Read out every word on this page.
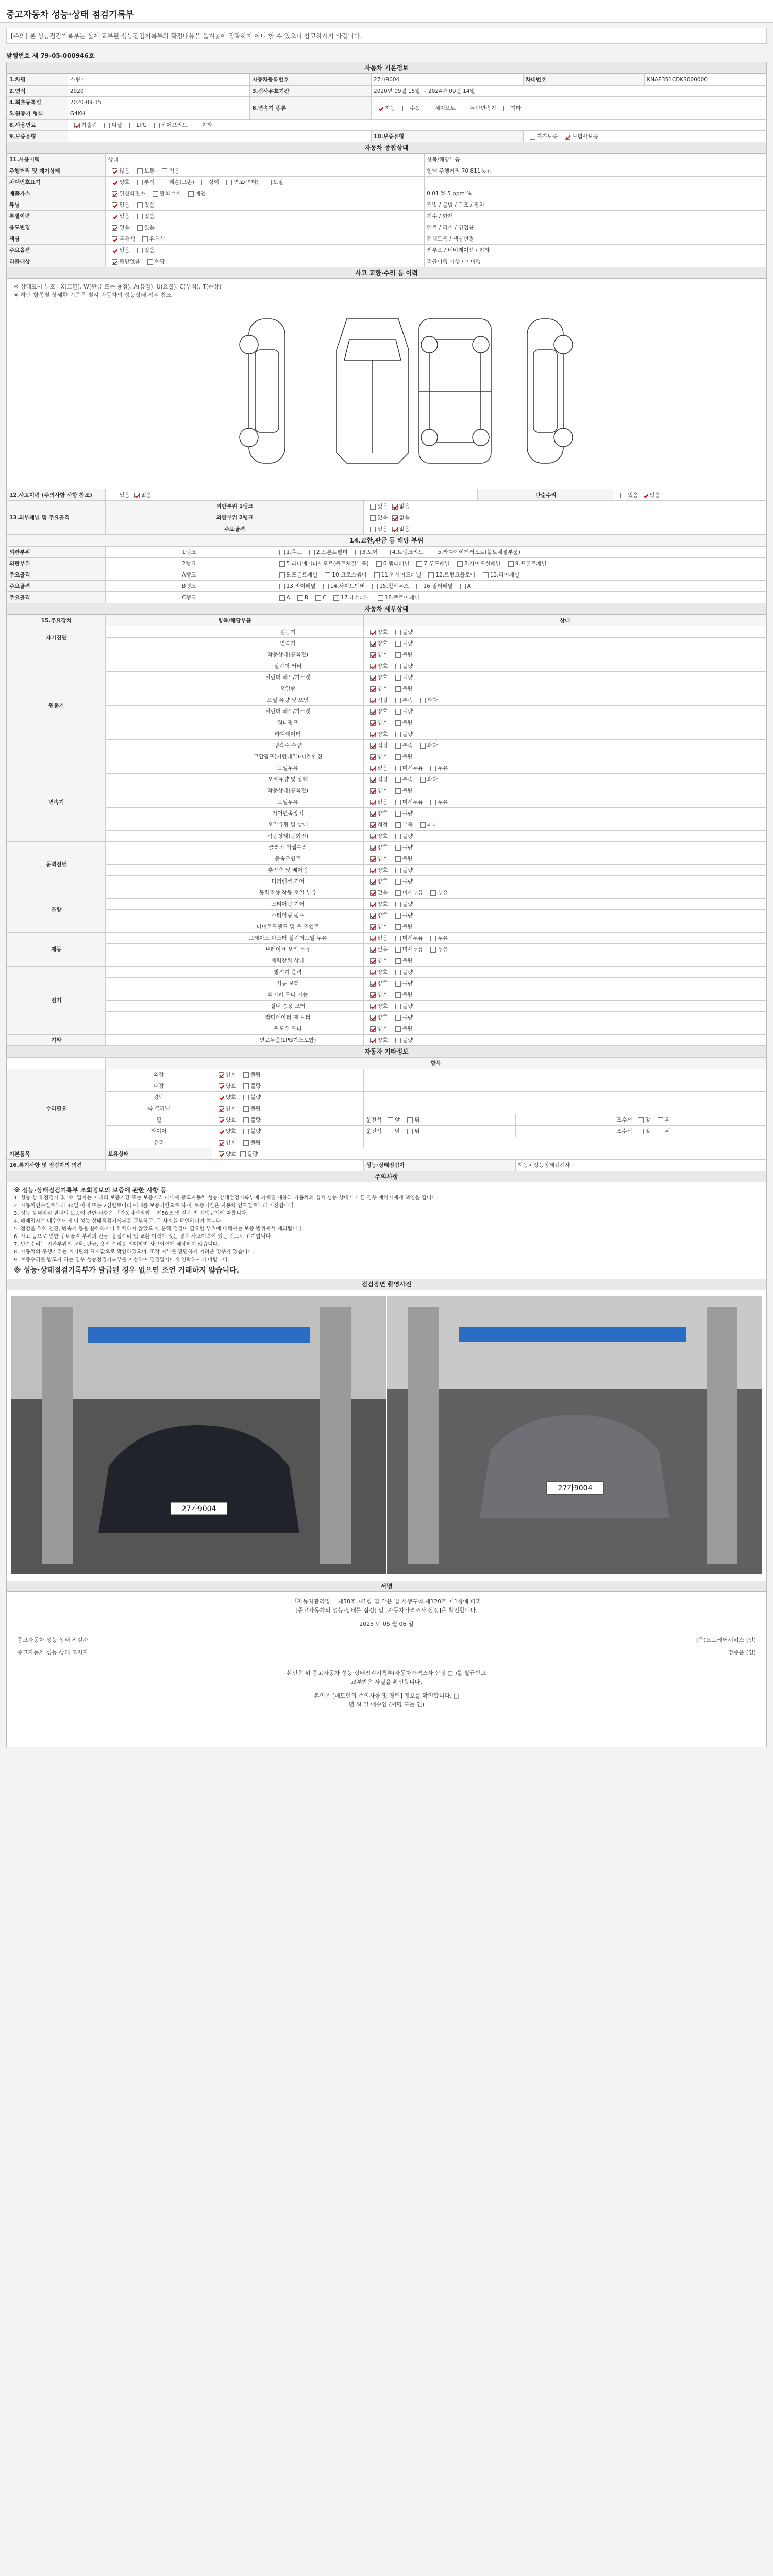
중고자동차 성능·상태 점검기록부
[주의] 본 성능점검기록부는 실제 교부된 성능점검기록부의 확정내용을 옮겨놓아 정확하지 아니 할 수 있으니 참고하시기 바랍니다.
발행번호 제 79-05-000946호
자동차 기본정보
1.차명	스팅어	자동차등록번호	27가9004	차대번호	KNAE351CDKS000000
2.연식	2020	3.검사유효기간	2020년 09월 15일 ~ 2024년 09월 14일		
4.최초등록일	2020-09-15	6.변속기 종류	자동 수동 세미오토 무단변속기 기타		
5.원동기 형식	G4KH				
8.사용연료	가솔린 디젤 LPG 하이브리드 기타				
9.보증유형			10.보증유형	자가보증 보험사보증	
자동차 종합상태
11.사용이력	상태	항목/해당부품
주행거리 및 계기상태	많음 보통 적음	현재 주행거리 70,811 km
차대번호표기	양호 부식 훼손(오손) 상이 변조(변타) 도말	
배출가스	일산화탄소 탄화수소 매연	0.01 % 5 ppm %
튜닝	없음 있음	적법 / 불법 / 구조 / 장치
특별이력	없음 있음	침수 / 화재
용도변경	없음 있음	렌트 / 리스 / 영업용
색상	무채색 유채색	전체도색 / 색상변경
주요옵션	없음 있음	썬루프 / 네비게이션 / 기타
리콜대상	해당없음 해당	리콜이행 이행 / 미이행
사고 교환·수리 등 이력
※ 상태표시 부호 : X(교환), W(판금 또는 용접), A(흠집), U(요철), C(부식), T(손상)
※ 하단 항목별 상세한 기준은 별지 자동차의 성능상태 점검 참조
12.사고이력 (주의사항 사항 참조)	있음 없음			단순수리	있음 없음
13.외부패널 및 주요골격	외판부위 1랭크		있음 없음		
	외판부위 2랭크		있음 없음		
	주요골격		있음 없음		
14.교환,판금 등 해당 부위
외판부위	1랭크	1.후드 2.프론트펜더 3.도어 4.트렁크리드 5.라디에이터서포트(볼트체결부품)
외판부위	2랭크	5.라디에이터서포트(볼트체결부품) 6.쿼터패널 7.루프패널 8.사이드실패널 9.프론트패널
주요골격	A랭크	9.프론트패널 10.크로스멤버 11.인사이드패널 12.트렁크플로어 13.리어패널
주요골격	B랭크	13.리어패널 14.사이드멤버 15.휠하우스 16.필러패널 A
주요골격	C랭크	A B C 17.대쉬패널 18.플로어패널
자동차 세부상태
15.주요장치	항목/해당부품		상태
자기진단		원동기	양호 불량
		변속기	양호 불량
원동기		작동상태(공회전)	양호 불량
		실린더 커버	양호 불량
		실린더 헤드/가스켓	양호 불량
		오일팬	양호 불량
		오일 유량 및 오염	적정 부족 과다
		실린더 헤드/가스켓	양호 불량
		워터펌프	양호 불량
		라디에이터	양호 불량
		냉각수 수량	적정 부족 과다
		고압펌프(커먼레일)-디젤엔진	양호 불량
변속기		오일누유	없음 미세누유 누유
		오일유량 및 상태	적정 부족 과다
		작동상태(공회전)	양호 불량
		오일누유	없음 미세누유 누유
		기어변속장치	양호 불량
		오일유량 및 상태	적정 부족 과다
		작동상태(공회전)	양호 불량
동력전달		클러치 어셈블리	양호 불량
		등속조인트	양호 불량
		추진축 및 베어링	양호 불량
		디퍼렌셜 기어	양호 불량
조향		동력조향 작동 오일 누유	없음 미세누유 누유
		스티어링 기어	양호 불량
		스티어링 펌프	양호 불량
		타이로드엔드 및 볼 조인트	양호 불량
제동		브레이크 마스터 실린더오일 누유	없음 미세누유 누유
		브레이크 오일 누유	없음 미세누유 누유
		배력장치 상태	양호 불량
전기		발전기 출력	양호 불량
		시동 모터	양호 불량
		와이퍼 모터 기능	양호 불량
		실내 송풍 모터	양호 불량
		라디에이터 팬 모터	양호 불량
		윈도우 모터	양호 불량
기타		연료누출(LPG가스포함)	양호 불량
자동차 기타정보
	항목				
수리필요	외장	양호 불량			
	내장	양호 불량			
	광택	양호 불량			
	룸 클리닝	양호 불량			
	휠	양호 불량	운전석 앞 뒤		조수석 앞 뒤
	타이어	양호 불량	운전석 앞 뒤		조수석 앞 뒤
	유리	양호 불량			
기본품목	보유상태	양호 불량			
16.특기사항 및 점검자의 의견			성능·상태점검자	자동차성능상태점검사	
주의사항

※ 성능·상태점검기록부 조회정보의 보증에 관한 사항 등

1. 성능·상태 점검자 및 매매업자는 아래의 보증기간 또는 보증거리 이내에 중고자동차 성능·상태점검기록부에 기재된 내용과 자동차의 실제 성능·상태가 다른 경우 계약자에게 책임을 집니다.

2. 자동차인수일로부터 30일 이내 또는 2천킬로미터 이내를 보증기간으로 하며, 보증기간은 자동차 인도일로부터 기산합니다.

3. 성능·상태점검 결과의 보증에 관한 사항은 「자동차관리법」 제58조 및 같은 법 시행규칙에 따릅니다.

4. 매매업자는 매수인에게 이 성능·상태점검기록부를 교부하고, 그 사실을 확인하여야 합니다.

5. 점검을 위해 엔진, 변속기 등을 분해하거나 해체하지 않았으며, 분해 점검이 필요한 부위에 대해서는 보증 범위에서 제외됩니다.

6. 사고 등으로 인한 주요골격 부위의 판금, 용접수리 및 교환 이력이 있는 경우 사고이력이 있는 것으로 표기합니다.

7. 단순수리는 외판부위의 교환, 판금, 용접 수리를 의미하며 사고이력에 해당하지 않습니다.

8. 자동차의 주행거리는 계기판의 표시값으로 확인하였으며, 조작 여부를 판단하기 어려운 경우가 있습니다.

9. 보증수리를 받고자 하는 경우 성능점검기록부를 지참하여 점검업자에게 연락하시기 바랍니다.

※ 성능·상태점검기록부가 발급된 경우 없으면 조언 거래하지 않습니다.

점검장면 촬영사진
27가9004
27가9004
서명
「자동차관리법」 제58조 제1항 및 같은 법 시행규칙 제120조 제1항에 따라
[중고자동차의 성능·상태를 점검] 및 [자동차가격조사·산정]을 확인합니다.
2025 년 05 월 06 일
중고자동차 성능·상태 점검자	(주)오토케어서비스 (인)
중고자동차 성능·상태 고지자	정종운 (인)
본인은 위 중고자동차 성능·상태점검기록부(자동차가격조사·산정 □ )를 발급받고
교부받은 사실을 확인합니다.
본인은 [매도인의 주의사항 및 경력] 정보를 확인합니다. □
년 월 일 매수인 (서명 또는 인)
